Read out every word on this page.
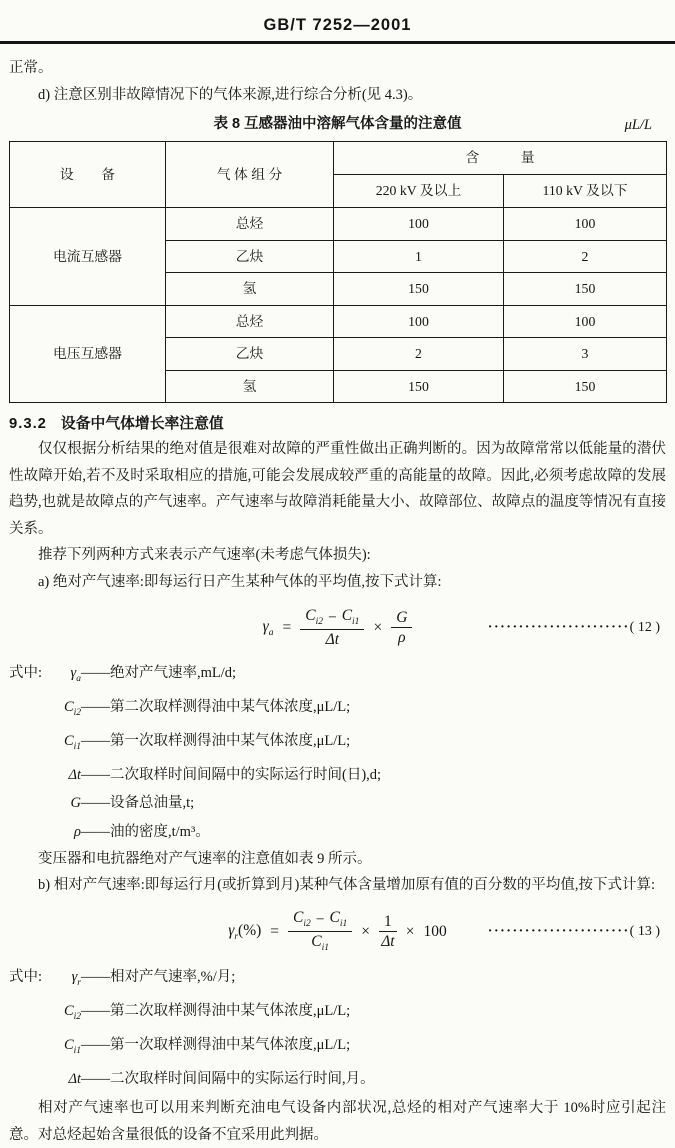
GB/T 7252—2001

正常。

d) 注意区别非故障情况下的气体来源,进行综合分析(见 4.3)。

表 8 互感器油中溶解气体含量的注意值	μL/L
设　　备	气 体 组 分	含　　　量	
		220 kV 及以上	110 kV 及以下
电流互感器	总烃	100	100
	乙炔	1	2
	氢	150	150
电压互感器	总烃	100	100
	乙炔	2	3
	氢	150	150

9.3.2 设备中气体增长率注意值

仅仅根据分析结果的绝对值是很难对故障的严重性做出正确判断的。因为故障常常以低能量的潜伏性故障开始,若不及时采取相应的措施,可能会发展成较严重的高能量的故障。因此,必须考虑故障的发展趋势,也就是故障点的产气速率。产气速率与故障消耗能量大小、故障部位、故障点的温度等情况有直接关系。

推荐下列两种方式来表示产气速率(未考虑气体损失):

a) 绝对产气速率:即每运行日产生某种气体的平均值,按下式计算:

$\gamma_a = \frac{C_{i2} - C_{i1}}{\Delta t} \times \frac{G}{\rho}$	·······················( 12 )
式中: $\gamma_a——$绝对产气速率,mL/d;
$C_{i2}——$第二次取样测得油中某气体浓度,μL/L;
$C_{i1}——$第一次取样测得油中某气体浓度,μL/L;
Δt——二次取样时间间隔中的实际运行时间(日),d;
G——设备总油量,t;
ρ——油的密度,t/m³。

变压器和电抗器绝对产气速率的注意值如表 9 所示。

b) 相对产气速率:即每运行月(或折算到月)某种气体含量增加原有值的百分数的平均值,按下式计算:

$\gamma_r(\%) = \frac{C_{i2} - C_{i1}}{C_{i1}} \times \frac{1}{\Delta t} \times 100$	·······················( 13 )
式中: $\gamma_r——$相对产气速率,%/月;
$C_{i2}——$第二次取样测得油中某气体浓度,μL/L;
$C_{i1}——$第一次取样测得油中某气体浓度,μL/L;
Δt——二次取样时间间隔中的实际运行时间,月。

相对产气速率也可以用来判断充油电气设备内部状况,总烃的相对产气速率大于 10%时应引起注意。对总烃起始含量很低的设备不宜采用此判据。
